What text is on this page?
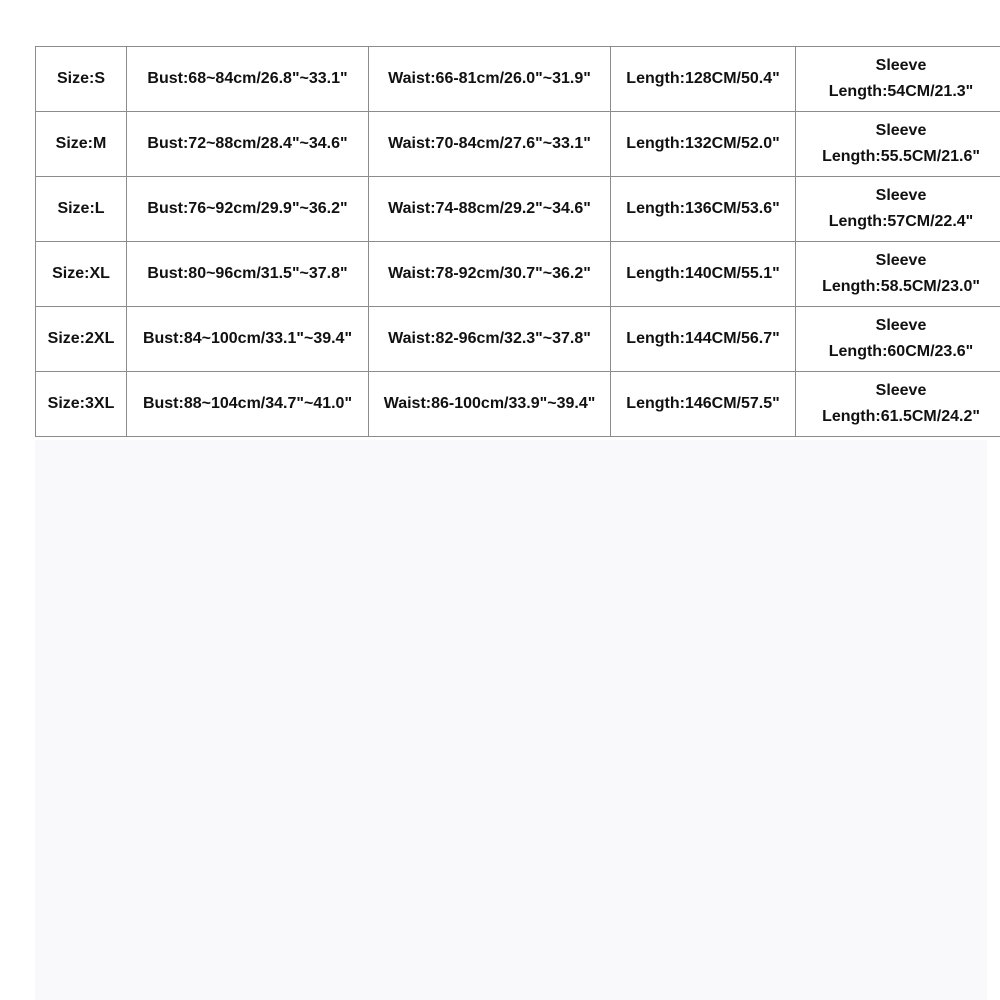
Size:S	Bust:68~84cm/26.8"~33.1"	Waist:66-81cm/26.0"~31.9"	Length:128CM/50.4"	Sleeve
Length:54CM/21.3"

Size:M	Bust:72~88cm/28.4"~34.6"	Waist:70-84cm/27.6"~33.1"	Length:132CM/52.0"	Sleeve
Length:55.5CM/21.6"

Size:L	Bust:76~92cm/29.9"~36.2"	Waist:74-88cm/29.2"~34.6"	Length:136CM/53.6"	Sleeve
Length:57CM/22.4"

Size:XL	Bust:80~96cm/31.5"~37.8"	Waist:78-92cm/30.7"~36.2"	Length:140CM/55.1"	Sleeve
Length:58.5CM/23.0"

Size:2XL	Bust:84~100cm/33.1"~39.4"	Waist:82-96cm/32.3"~37.8"	Length:144CM/56.7"	Sleeve
Length:60CM/23.6"

Size:3XL	Bust:88~104cm/34.7"~41.0"	Waist:86-100cm/33.9"~39.4"	Length:146CM/57.5"	Sleeve
Length:61.5CM/24.2"
